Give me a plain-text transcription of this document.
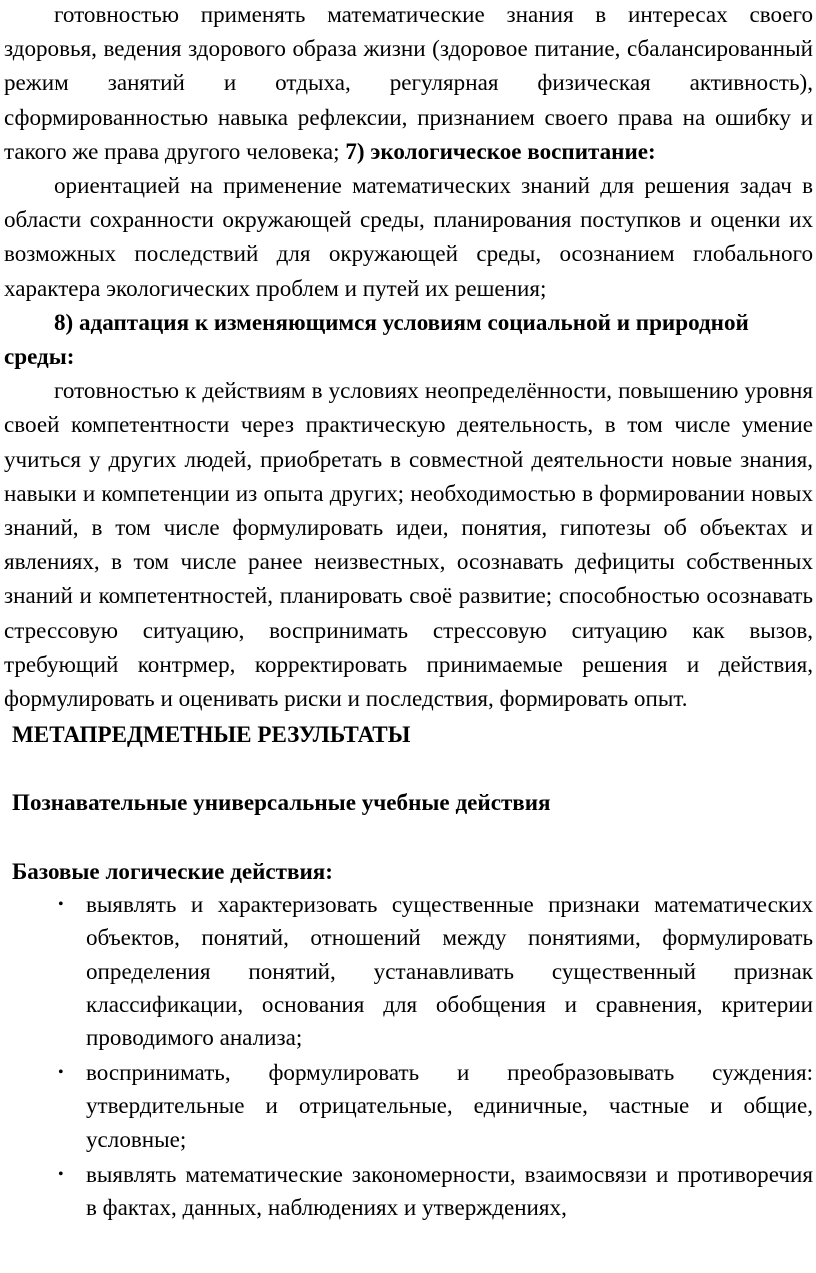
готовностью применять математические знания в интересах своего здоровья, ведения здорового образа жизни (здоровое питание, сбалансированный режим занятий и отдыха, регулярная физическая активность), сформированностью навыка рефлексии, признанием своего права на ошибку и такого же права другого человека; 7) экологическое воспитание:

ориентацией на применение математических знаний для решения задач в области сохранности окружающей среды, планирования поступков и оценки их возможных последствий для окружающей среды, осознанием глобального характера экологических проблем и путей их решения;

8) адаптация к изменяющимся условиям социальной и природной среды:

готовностью к действиям в условиях неопределённости, повышению уровня своей компетентности через практическую деятельность, в том числе умение учиться у других людей, приобретать в совместной деятельности новые знания, навыки и компетенции из опыта других; необходимостью в формировании новых знаний, в том числе формулировать идеи, понятия, гипотезы об объектах и явлениях, в том числе ранее неизвестных, осознавать дефициты собственных знаний и компетентностей, планировать своё развитие; способностью осознавать стрессовую ситуацию, воспринимать стрессовую ситуацию как вызов, требующий контрмер, корректировать принимаемые решения и действия, формулировать и оценивать риски и последствия, формировать опыт.

МЕТАПРЕДМЕТНЫЕ РЕЗУЛЬТАТЫ
Познавательные универсальные учебные действия
Базовые логические действия:
• выявлять и характеризовать существенные признаки математических объектов, понятий, отношений между понятиями, формулировать определения понятий, устанавливать существенный признак классификации, основания для обобщения и сравнения, критерии проводимого анализа;
• воспринимать, формулировать и преобразовывать суждения: утвердительные и отрицательные, единичные, частные и общие, условные;
• выявлять математические закономерности, взаимосвязи и противоречия в фактах, данных, наблюдениях и утверждениях,
